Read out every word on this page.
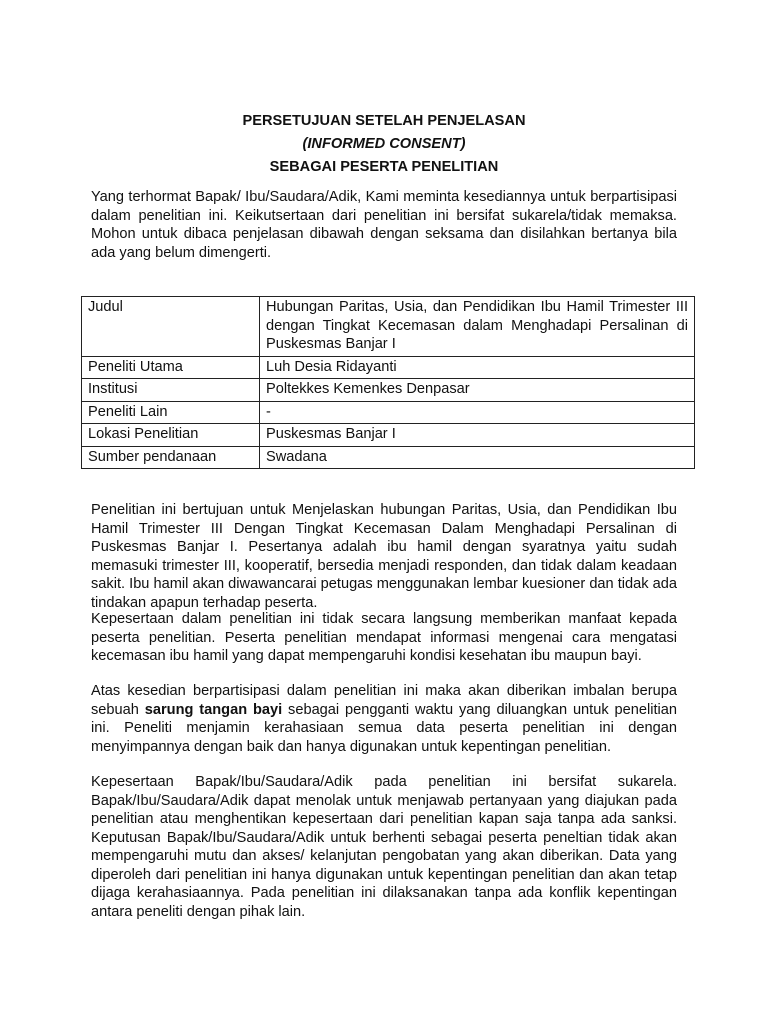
PERSETUJUAN SETELAH PENJELASAN

(INFORMED CONSENT)

SEBAGAI PESERTA PENELITIAN

Yang terhormat Bapak/ Ibu/Saudara/Adik, Kami meminta kesediannya untuk berpartisipasi dalam penelitian ini. Keikutsertaan dari penelitian ini bersifat sukarela/tidak memaksa. Mohon untuk dibaca penjelasan dibawah dengan seksama dan disilahkan bertanya bila ada yang belum dimengerti.

Judul	Hubungan Paritas, Usia, dan Pendidikan Ibu Hamil Trimester III dengan Tingkat Kecemasan dalam Menghadapi Persalinan di Puskesmas Banjar I
Peneliti Utama	Luh Desia Ridayanti
Institusi	Poltekkes Kemenkes Denpasar
Peneliti Lain	-
Lokasi Penelitian	Puskesmas Banjar I
Sumber pendanaan	Swadana

Penelitian ini bertujuan untuk Menjelaskan hubungan Paritas, Usia, dan Pendidikan Ibu Hamil Trimester III Dengan Tingkat Kecemasan Dalam Menghadapi Persalinan di Puskesmas Banjar I. Pesertanya adalah ibu hamil dengan syaratnya yaitu sudah memasuki trimester III, kooperatif, bersedia menjadi responden, dan tidak dalam keadaan sakit. Ibu hamil akan diwawancarai petugas menggunakan lembar kuesioner dan tidak ada tindakan apapun terhadap peserta.

Kepesertaan dalam penelitian ini tidak secara langsung memberikan manfaat kepada peserta penelitian. Peserta penelitian mendapat informasi mengenai cara mengatasi kecemasan ibu hamil yang dapat mempengaruhi kondisi kesehatan ibu maupun bayi.

Atas kesedian berpartisipasi dalam penelitian ini maka akan diberikan imbalan berupa sebuah sarung tangan bayi sebagai pengganti waktu yang diluangkan untuk penelitian ini. Peneliti menjamin kerahasiaan semua data peserta penelitian ini dengan menyimpannya dengan baik dan hanya digunakan untuk kepentingan penelitian.

Kepesertaan Bapak/Ibu/Saudara/Adik pada penelitian ini bersifat sukarela. Bapak/Ibu/Saudara/Adik dapat menolak untuk menjawab pertanyaan yang diajukan pada penelitian atau menghentikan kepesertaan dari penelitian kapan saja tanpa ada sanksi. Keputusan Bapak/Ibu/Saudara/Adik untuk berhenti sebagai peserta peneltian tidak akan mempengaruhi mutu dan akses/ kelanjutan pengobatan yang akan diberikan. Data yang diperoleh dari penelitian ini hanya digunakan untuk kepentingan penelitian dan akan tetap dijaga kerahasiaannya. Pada penelitian ini dilaksanakan tanpa ada konflik kepentingan antara peneliti dengan pihak lain.
